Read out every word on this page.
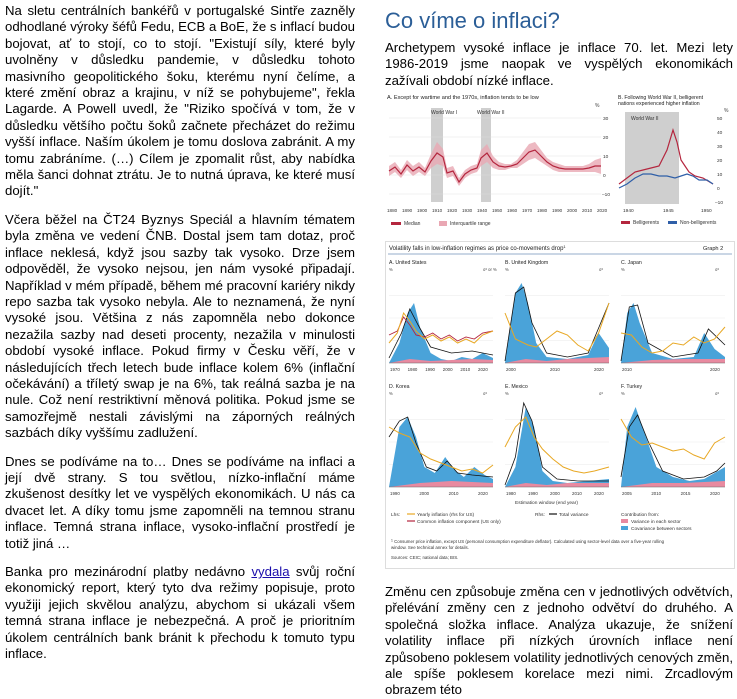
Na sletu centrálních bankéřů v portugalské Sintře zazněly odhodlané výroky šéfů Fedu, ECB a BoE, že s inflací budou bojovat, ať to stojí, co to stojí. "Existují síly, které byly uvolněny v důsledku pandemie, v důsledku tohoto masivního geopolitického šoku, kterému nyní čelíme, a které změní obraz a krajinu, v níž se pohybujeme", řekla Lagarde. A Powell uvedl, že "Riziko spočívá v tom, že v důsledku většího počtu šoků začnete přecházet do režimu vyšší inflace. Naším úkolem je tomu doslova zabránit. A my tomu zabráníme. (…) Cílem je zpomalit růst, aby nabídka měla šanci dohnat ztrátu. Je to nutná úprava, ke které musí dojít."

Včera běžel na ČT24 Byznys Speciál a hlavním tématem byla změna ve vedení ČNB. Dostal jsem tam dotaz, proč inflace neklesá, když jsou sazby tak vysoko. Drze jsem odpověděl, že vysoko nejsou, jen nám vysoké připadají. Například v mém případě, během mé pracovní kariéry nikdy repo sazba tak vysoko nebyla. Ale to neznamená, že nyní vysoké jsou. Většina z nás zapomněla nebo dokonce nezažila sazby nad deseti procenty, nezažila v minulosti období vysoké inflace. Pokud firmy v Česku věří, že v následujících třech letech bude inflace kolem 6% (inflační očekávání) a tříletý swap je na 6%, tak reálná sazba je na nule. Což není restriktivní měnová politika. Pokud jsme se samozřejmě nestali závislými na záporných reálných sazbách díky vyššímu zadlužení.

Dnes se podíváme na to… Dnes se podíváme na inflaci a její dvě strany. S tou světlou, nízko-inflační máme zkušenost desítky let ve vyspělých ekonomikách. U nás ca dvacet let. A díky tomu jsme zapomněli na temnou stranu inflace. Temná strana inflace, vysoko-inflační prostředí je totiž jiná …

Banka pro mezinárodní platby nedávno vydala svůj roční ekonomický report, který tyto dva režimy popisuje, proto využiji jejich skvělou analýzu, abychom si ukázali všem temná strana inflace je nebezpečná. A proč je prioritním úkolem centrálních bank bránit k přechodu k tomuto typu inflace.

Co víme o inflaci?

Archetypem vysoké inflace je inflace 70. let. Mezi lety 1986-2019 jsme naopak ve vyspělých ekonomikách zažívali období nízké inflace.

A. Except for wartime and the 1970s, inflation tends to be low
%
World War I	World War II
1880 1890 1900 1910 1920 1930 1940 1950 1960 1970 1980 1990 2000 2010 2020
30
20
10
0
–10
Median	Interquartile range
B. Following World War II, belligerent
nations experienced higher inflation
%
World War II
1940	1945	1950
50
40
30
20
10
0
–10
Belligerents	Non-belligerents
Volatility falls in low-inflation regimes as price co-movements drop$^1$	Graph 2
A. United States
%	σ² or %
1970 1980 1990 2000 2010 2020
B. United Kingdom
%	σ²
2000	2010	2020
C. Japan
%	σ²
2010	2020
D. Korea
%	σ²
1990	2000	2010	2020
E. Mexico
%	σ²
1980	1990	2000	2010	2020
F. Turkey
%	σ²
2005	2010	2015	2020
Estimation window (end year)
Lhs:	Yearly inflation (rhs for US)
Common inflation component (US only)
Rhs:	Total variance	Contribution from:
Variance in each sector
Covariance between sectors
$^1$ Consumer price inflation, except US (personal consumption expenditure deflator). Calculated using sector-level data over a five-year rolling
window. See technical annex for details.
Sources: CEIC; national data; BIS.

Změnu cen způsobuje změna cen v jednotlivých odvětvích, přelévání změny cen z jednoho odvětví do druhého. A společná složka inflace. Analýza ukazuje, že snížení volatility inflace při nízkých úrovních inflace není způsobeno poklesem volatility jednotlivých cenových změn, ale spíše poklesem korelace mezi nimi. Zrcadlovým obrazem této
